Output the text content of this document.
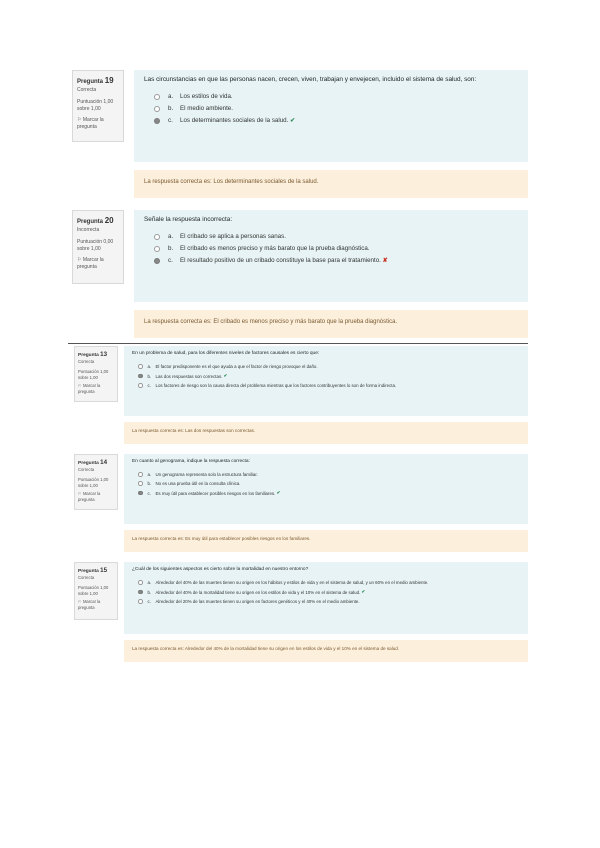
Pregunta 19
Correcta
Puntuación 1,00 sobre 1,00
⚐ Marcar la pregunta
Las circunstancias en que las personas nacen, crecen, viven, trabajan y envejecen, incluido el sistema de salud, son:
a.	Los estilos de vida.
b.	El medio ambiente.
c.	Los determinantes sociales de la salud.
✔
La respuesta correcta es: Los determinantes sociales de la salud.
Pregunta 20
Incorrecta
Puntuación 0,00 sobre 1,00
⚐ Marcar la pregunta
Señale la respuesta incorrecta:
a.	El cribado se aplica a personas sanas.
b.	El cribado es menos preciso y más barato que la prueba diagnóstica.
c.	El resultado positivo de un cribado constituye la base para el tratamiento.
✘
La respuesta correcta es: El cribado es menos preciso y más barato que la prueba diagnóstica.
Pregunta 13
Correcta
Puntuación 1,00 sobre 1,00
⚐ Marcar la pregunta
En un problema de salud, para los diferentes niveles de factores causales es cierto que:
a. El factor predisponente es el que ayuda a que el factor de riesgo provoque el daño.
b. Las dos respuestas son correctas.
✔
c.	Los factores de riesgo son la causa directa del problema mientras que los factores contribuyentes lo son de forma indirecta.
La respuesta correcta es: Las dos respuestas son correctas.
Pregunta 14
Correcta
Puntuación 1,00 sobre 1,00
⚐ Marcar la pregunta
En cuanto al genograma, indique la respuesta correcta:
a. Un genograma representa solo la estructura familiar.
b. No es una prueba útil en la consulta clínica.
c.	Es muy útil para establecer posibles riesgos en los familiares.
✔
La respuesta correcta es: Es muy útil para establecer posibles riesgos en los familiares.
Pregunta 15
Correcta
Puntuación 1,00 sobre 1,00
⚐ Marcar la pregunta
¿Cuál de los siguientes aspectos es cierto sobre la mortalidad en nuestro entorno?
a. Alrededor del 40% de las muertes tienen su origen en los hábitos y estilos de vida y en el sistema de salud, y un 60% en el medio ambiente.
b. Alrededor del 40% de la mortalidad tiene su origen en los estilos de vida y el 10% en el sistema de salud.
✔
c.	Alrededor del 20% de las muertes tienen su origen en factores genéticos y el 40% en el medio ambiente.
La respuesta correcta es: Alrededor del 40% de la mortalidad tiene su origen en los estilos de vida y el 10% en el sistema de salud.
